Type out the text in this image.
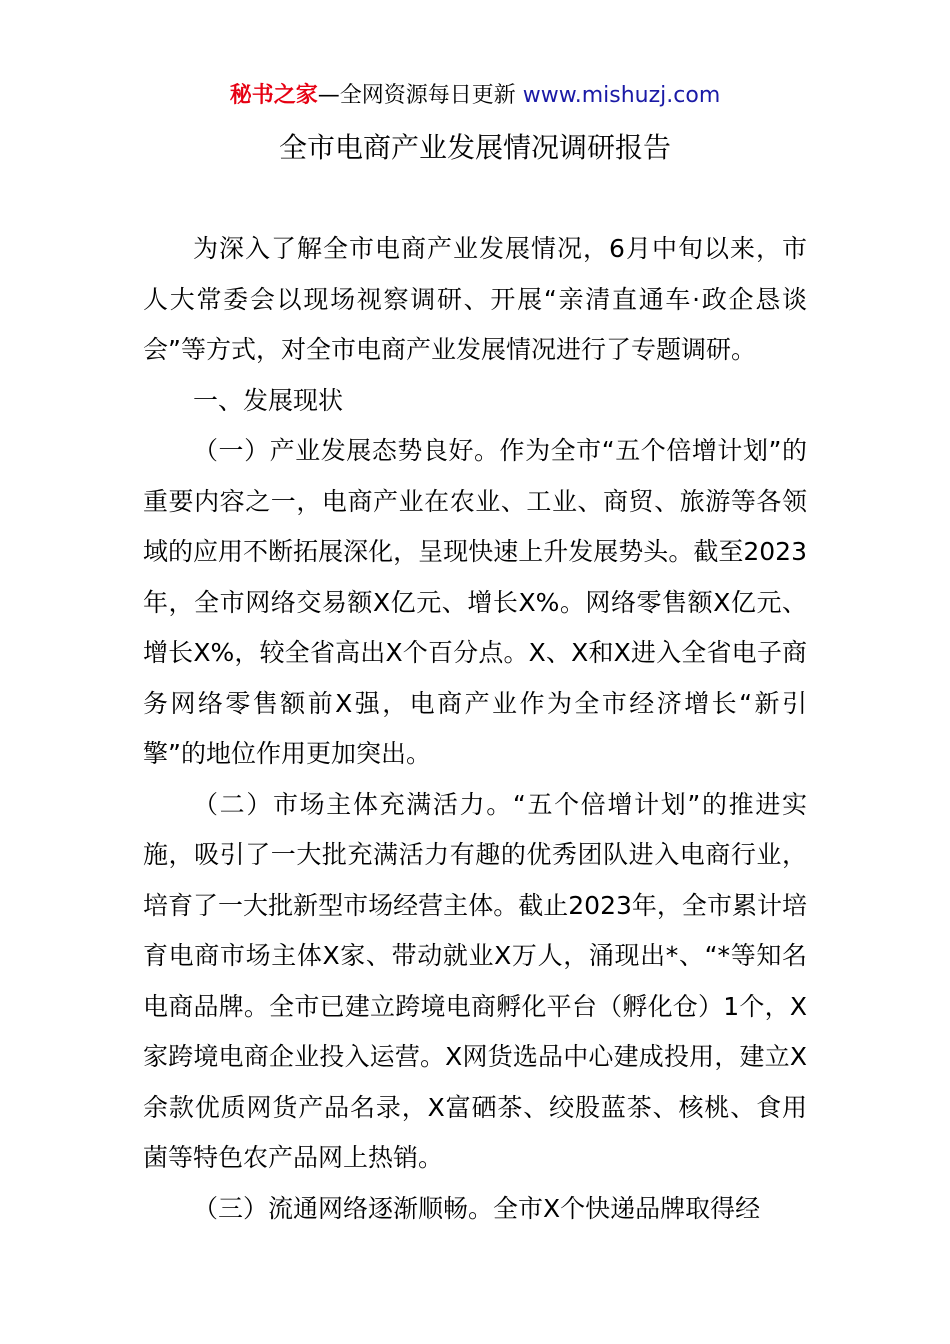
秘书之家—全网资源每日更新 www.mishuzj.com
全市电商产业发展情况调研报告

为深入了解全市电商产业发展情况，6月中旬以来，市人大常委会以现场视察调研、开展“亲清直通车·政企恳谈会”等方式，对全市电商产业发展情况进行了专题调研。

一、发展现状

（一）产业发展态势良好。作为全市“五个倍增计划”的重要内容之一，电商产业在农业、工业、商贸、旅游等各领域的应用不断拓展深化，呈现快速上升发展势头。截至2023年，全市网络交易额X亿元、增长X%。网络零售额X亿元、增长X%，较全省高出X个百分点。X、X和X进入全省电子商务网络零售额前X强，电商产业作为全市经济增长“新引擎”的地位作用更加突出。

（二）市场主体充满活力。“五个倍增计划”的推进实施，吸引了一大批充满活力有趣的优秀团队进入电商行业，培育了一大批新型市场经营主体。截止2023年，全市累计培育电商市场主体X家、带动就业X万人，涌现出*、“*等知名电商品牌。全市已建立跨境电商孵化平台（孵化仓）1个，X家跨境电商企业投入运营。X网货选品中心建成投用，建立X余款优质网货产品名录，X富硒茶、绞股蓝茶、核桃、食用菌等特色农产品网上热销。

（三）流通网络逐渐顺畅。全市X个快递品牌取得经
